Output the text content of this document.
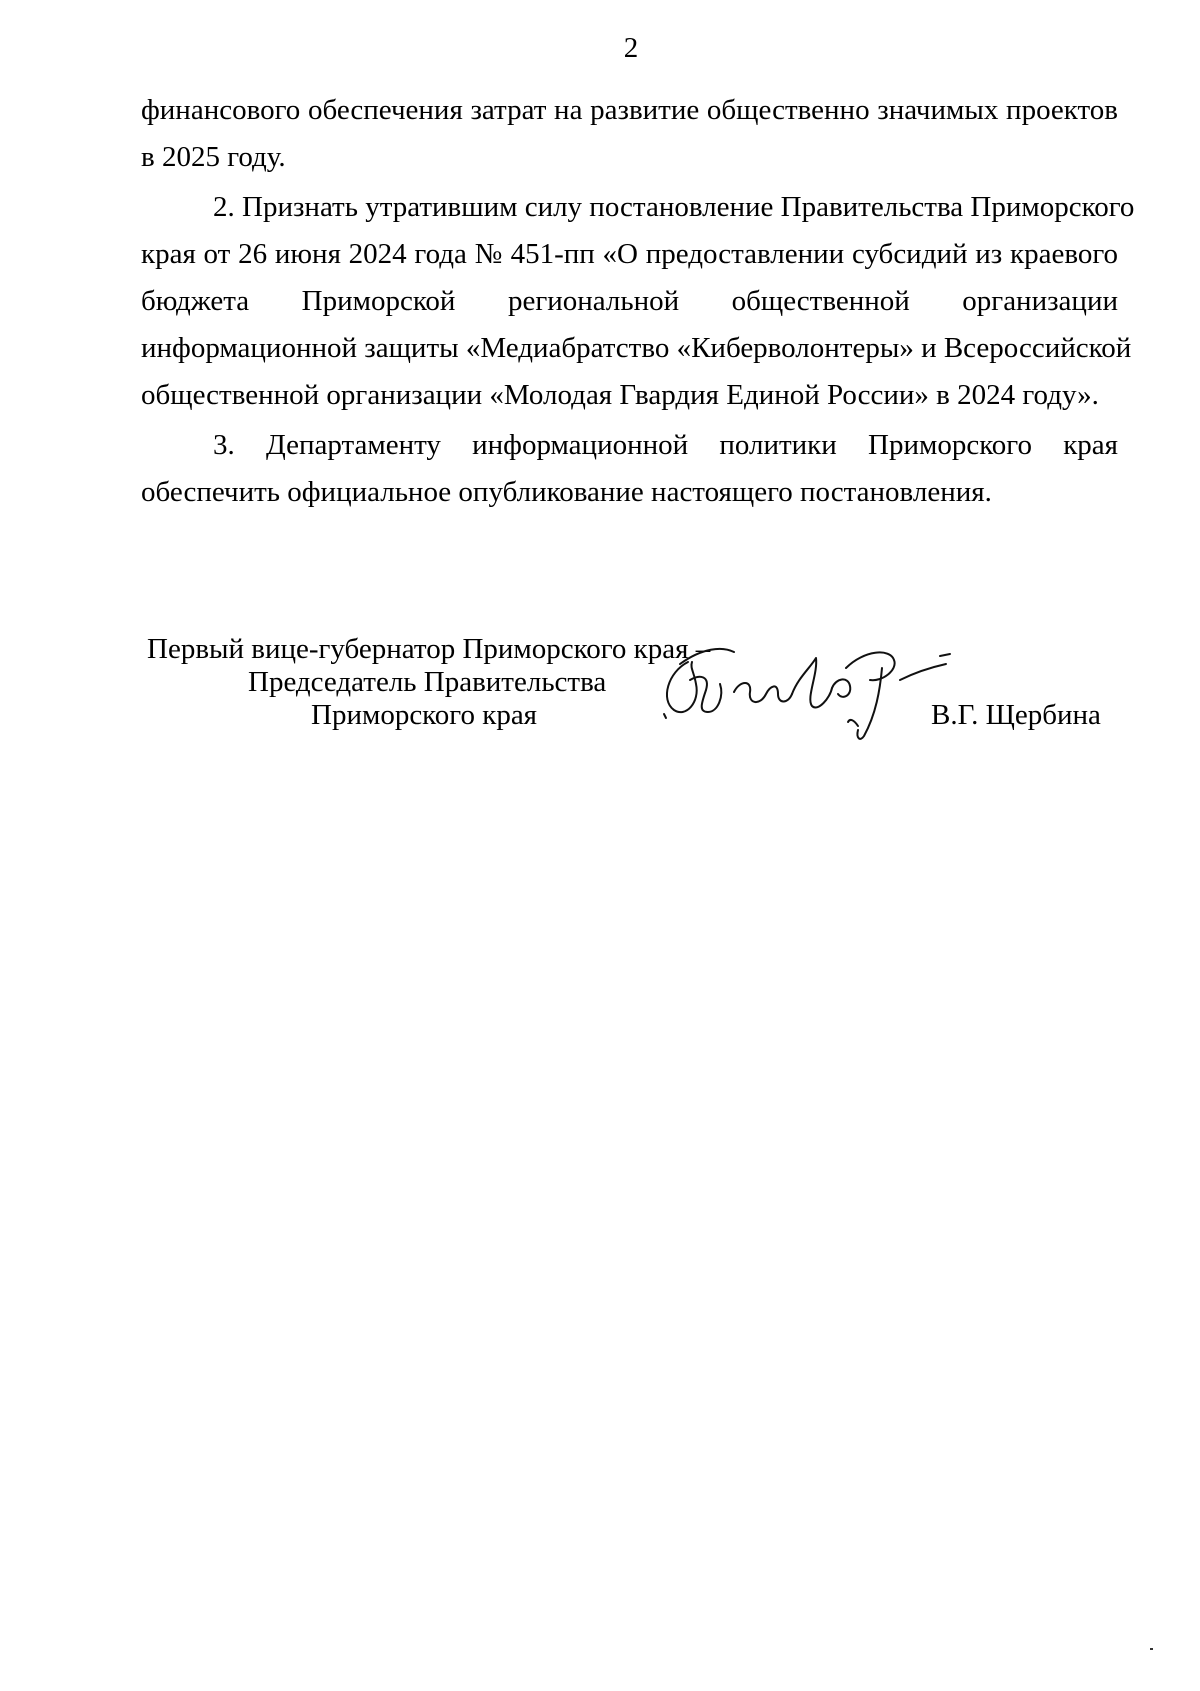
2
финансового обеспечения затрат на развитие общественно значимых проектов
в 2025 году.
2. Признать утратившим силу постановление Правительства Приморского
края от 26 июня 2024 года № 451-пп «О предоставлении субсидий из краевого
бюджета Приморской региональной общественной организации
информационной защиты «Медиабратство «Киберволонтеры» и Всероссийской
общественной организации «Молодая Гвардия Единой России» в 2024 году».
3. Департаменту информационной политики Приморского края
обеспечить официальное опубликование настоящего постановления.
Первый вице-губернатор Приморского края –
Председатель Правительства
Приморского края	В.Г. Щербина
